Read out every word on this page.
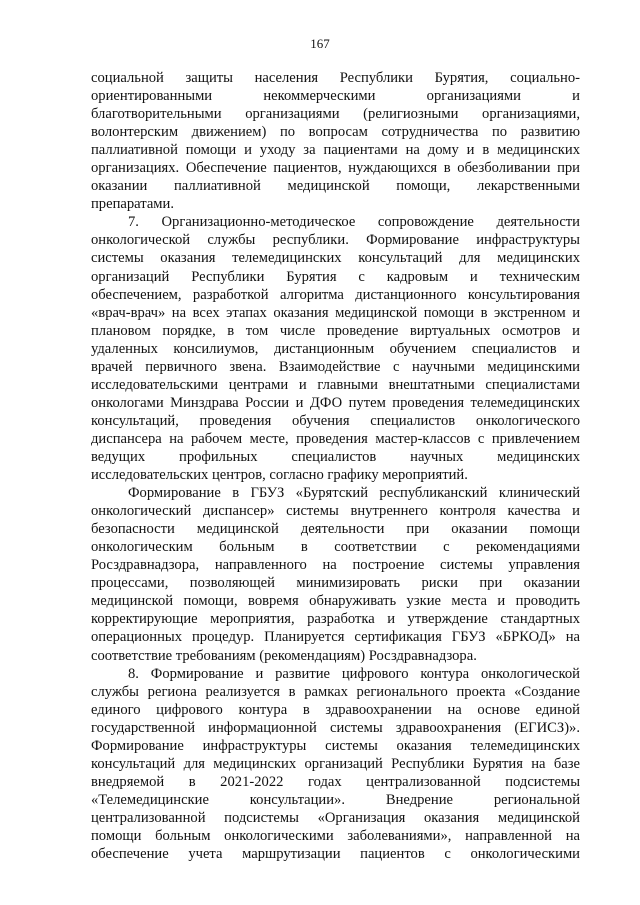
167
социальной защиты населения Республики Бурятия, социально-
ориентированными некоммерческими организациями и
благотворительными организациями (религиозными организациями,
волонтерским движением) по вопросам сотрудничества по развитию
паллиативной помощи и уходу за пациентами на дому и в медицинских
организациях. Обеспечение пациентов, нуждающихся в обезболивании при
оказании паллиативной медицинской помощи, лекарственными
препаратами.
7. Организационно-методическое сопровождение деятельности
онкологической службы республики. Формирование инфраструктуры
системы оказания телемедицинских консультаций для медицинских
организаций Республики Бурятия с кадровым и техническим
обеспечением, разработкой алгоритма дистанционного консультирования
«врач-врач» на всех этапах оказания медицинской помощи в экстренном и
плановом порядке, в том числе проведение виртуальных осмотров и
удаленных консилиумов, дистанционным обучением специалистов и
врачей первичного звена. Взаимодействие с научными медицинскими
исследовательскими центрами и главными внештатными специалистами
онкологами Минздрава России и ДФО путем проведения телемедицинских
консультаций, проведения обучения специалистов онкологического
диспансера на рабочем месте, проведения мастер-классов с привлечением
ведущих профильных специалистов научных медицинских
исследовательских центров, согласно графику мероприятий.
Формирование в ГБУЗ «Бурятский республиканский клинический
онкологический диспансер» системы внутреннего контроля качества и
безопасности медицинской деятельности при оказании помощи
онкологическим больным в соответствии с рекомендациями
Росздравнадзора, направленного на построение системы управления
процессами, позволяющей минимизировать риски при оказании
медицинской помощи, вовремя обнаруживать узкие места и проводить
корректирующие мероприятия, разработка и утверждение стандартных
операционных процедур. Планируется сертификация ГБУЗ «БРКОД» на
соответствие требованиям (рекомендациям) Росздравнадзора.
8. Формирование и развитие цифрового контура онкологической
службы региона реализуется в рамках регионального проекта «Создание
единого цифрового контура в здравоохранении на основе единой
государственной информационной системы здравоохранения (ЕГИСЗ)».
Формирование инфраструктуры системы оказания телемедицинских
консультаций для медицинских организаций Республики Бурятия на базе
внедряемой в 2021-2022 годах централизованной подсистемы
«Телемедицинские консультации». Внедрение региональной
централизованной подсистемы «Организация оказания медицинской
помощи больным онкологическими заболеваниями», направленной на
обеспечение учета маршрутизации пациентов с онкологическими
